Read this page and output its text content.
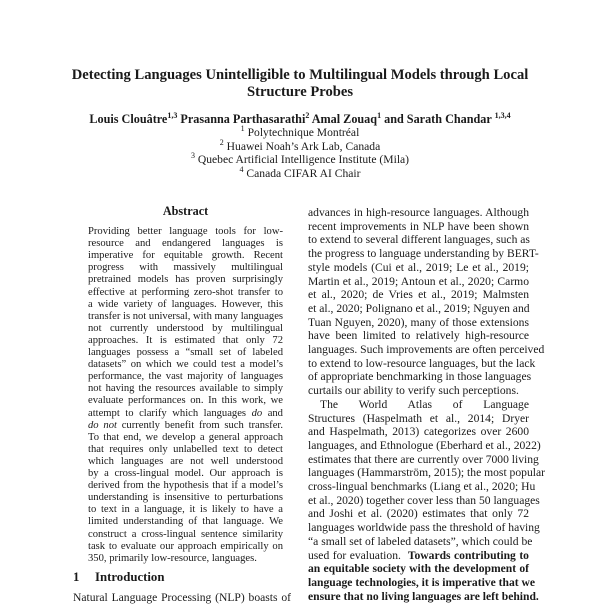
Detecting Languages Unintelligible to Multilingual Models through Local
Structure Probes
Louis Clouâtre$^{1,3}$ Prasanna Parthasarathi$^2$ Amal Zouaq$^1$ and Sarath Chandar $^{1,3,4}$
$^1$ Polytechnique Montréal
$^2$ Huawei Noah’s Ark Lab, Canada
$^3$ Quebec Artificial Intelligence Institute (Mila)
$^4$ Canada CIFAR AI Chair
Abstract
Providing better language tools for low-
resource and endangered languages is
imperative for equitable growth. Recent
progress with massively multilingual
pretrained models has proven surprisingly
effective at performing zero-shot transfer to
a wide variety of languages. However, this
transfer is not universal, with many languages
not currently understood by multilingual
approaches. It is estimated that only 72
languages possess a “small set of labeled
datasets” on which we could test a model’s
performance, the vast majority of languages
not having the resources available to simply
evaluate performances on. In this work, we
attempt to clarify which languages do and
do not currently benefit from such transfer.
To that end, we develop a general approach
that requires only unlabelled text to detect
which languages are not well understood
by a cross-lingual model. Our approach is
derived from the hypothesis that if a model’s
understanding is insensitive to perturbations
to text in a language, it is likely to have a
limited understanding of that language. We
construct a cross-lingual sentence similarity
task to evaluate our approach empirically on
350, primarily low-resource, languages.
1 Introduction
Natural Language Processing (NLP) boasts of
advances in high-resource languages. Although
recent improvements in NLP have been shown
to extend to several different languages, such as
the progress to language understanding by BERT-
style models (Cui et al., 2019; Le et al., 2019;
Martin et al., 2019; Antoun et al., 2020; Carmo
et al., 2020; de Vries et al., 2019; Malmsten
et al., 2020; Polignano et al., 2019; Nguyen and
Tuan Nguyen, 2020), many of those extensions
have been limited to relatively high-resource
languages. Such improvements are often perceived
to extend to low-resource languages, but the lack
of appropriate benchmarking in those languages
curtails our ability to verify such perceptions.
The World Atlas of Language
Structures (Haspelmath et al., 2014; Dryer
and Haspelmath, 2013) categorizes over 2600
languages, and Ethnologue (Eberhard et al., 2022)
estimates that there are currently over 7000 living
languages (Hammarström, 2015); the most popular
cross-lingual benchmarks (Liang et al., 2020; Hu
et al., 2020) together cover less than 50 languages
and Joshi et al. (2020) estimates that only 72
languages worldwide pass the threshold of having
“a small set of labeled datasets”, which could be
used for evaluation.  Towards contributing to
an equitable society with the development of
language technologies, it is imperative that we
ensure that no living languages are left behind.
